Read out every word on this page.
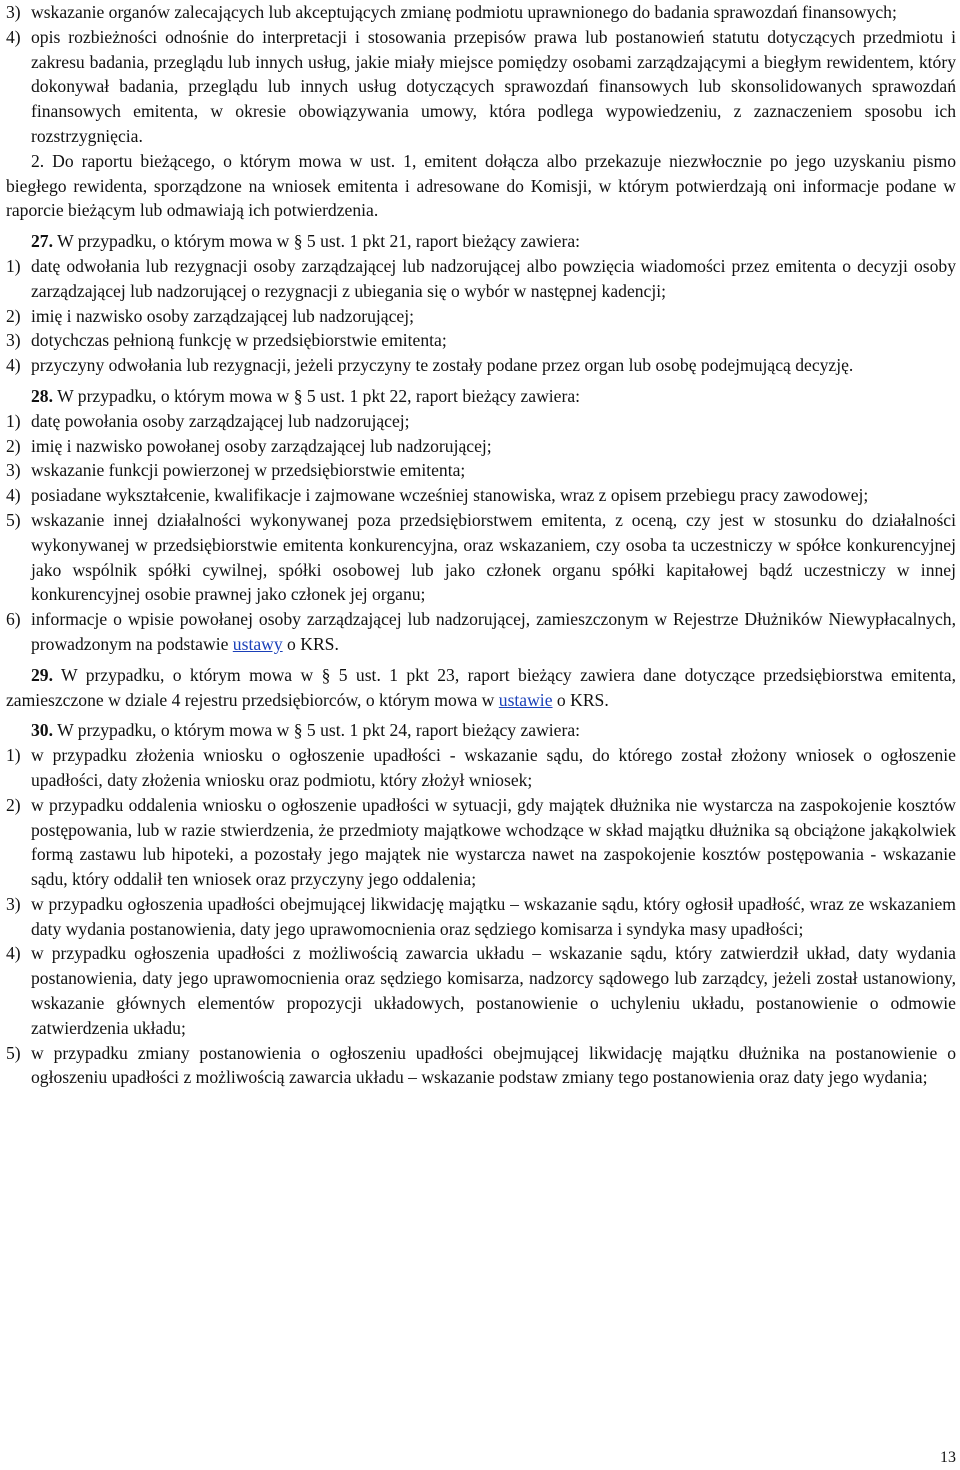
3) wskazanie organów zalecających lub akceptujących zmianę podmiotu uprawnionego do badania sprawozdań finansowych;
4) opis rozbieżności odnośnie do interpretacji i stosowania przepisów prawa lub postanowień statutu dotyczących przedmiotu i zakresu badania, przeglądu lub innych usług, jakie miały miejsce pomiędzy osobami zarządzającymi a biegłym rewidentem, który dokonywał badania, przeglądu lub innych usług dotyczących sprawozdań finansowych lub skonsolidowanych sprawozdań finansowych emitenta, w okresie obowiązywania umowy, która podlega wypowiedzeniu, z zaznaczeniem sposobu ich rozstrzygnięcia.

2. Do raportu bieżącego, o którym mowa w ust. 1, emitent dołącza albo przekazuje niezwłocznie po jego uzyskaniu pismo biegłego rewidenta, sporządzone na wniosek emitenta i adresowane do Komisji, w którym potwierdzają oni informacje podane w raporcie bieżącym lub odmawiają ich potwierdzenia.

27. W przypadku, o którym mowa w § 5 ust. 1 pkt 21, raport bieżący zawiera:

1) datę odwołania lub rezygnacji osoby zarządzającej lub nadzorującej albo powzięcia wiadomości przez emitenta o decyzji osoby zarządzającej lub nadzorującej o rezygnacji z ubiegania się o wybór w następnej kadencji;
2) imię i nazwisko osoby zarządzającej lub nadzorującej;
3) dotychczas pełnioną funkcję w przedsiębiorstwie emitenta;
4) przyczyny odwołania lub rezygnacji, jeżeli przyczyny te zostały podane przez organ lub osobę podejmującą decyzję.

28. W przypadku, o którym mowa w § 5 ust. 1 pkt 22, raport bieżący zawiera:

1) datę powołania osoby zarządzającej lub nadzorującej;
2) imię i nazwisko powołanej osoby zarządzającej lub nadzorującej;
3) wskazanie funkcji powierzonej w przedsiębiorstwie emitenta;
4) posiadane wykształcenie, kwalifikacje i zajmowane wcześniej stanowiska, wraz z opisem przebiegu pracy zawodowej;
5) wskazanie innej działalności wykonywanej poza przedsiębiorstwem emitenta, z oceną, czy jest w stosunku do działalności wykonywanej w przedsiębiorstwie emitenta konkurencyjna, oraz wskazaniem, czy osoba ta uczestniczy w spółce konkurencyjnej jako wspólnik spółki cywilnej, spółki osobowej lub jako członek organu spółki kapitałowej bądź uczestniczy w innej konkurencyjnej osobie prawnej jako członek jej organu;
6) informacje o wpisie powołanej osoby zarządzającej lub nadzorującej, zamieszczonym w Rejestrze Dłużników Niewypłacalnych, prowadzonym na podstawie ustawy o KRS.

29. W przypadku, o którym mowa w § 5 ust. 1 pkt 23, raport bieżący zawiera dane dotyczące przedsiębiorstwa emitenta, zamieszczone w dziale 4 rejestru przedsiębiorców, o którym mowa w ustawie o KRS.

30. W przypadku, o którym mowa w § 5 ust. 1 pkt 24, raport bieżący zawiera:

1) w przypadku złożenia wniosku o ogłoszenie upadłości - wskazanie sądu, do którego został złożony wniosek o ogłoszenie upadłości, daty złożenia wniosku oraz podmiotu, który złożył wniosek;
2) w przypadku oddalenia wniosku o ogłoszenie upadłości w sytuacji, gdy majątek dłużnika nie wystarcza na zaspokojenie kosztów postępowania, lub w razie stwierdzenia, że przedmioty majątkowe wchodzące w skład majątku dłużnika są obciążone jakąkolwiek formą zastawu lub hipoteki, a pozostały jego majątek nie wystarcza nawet na zaspokojenie kosztów postępowania - wskazanie sądu, który oddalił ten wniosek oraz przyczyny jego oddalenia;
3) w przypadku ogłoszenia upadłości obejmującej likwidację majątku – wskazanie sądu, który ogłosił upadłość, wraz ze wskazaniem daty wydania postanowienia, daty jego uprawomocnienia oraz sędziego komisarza i syndyka masy upadłości;
4) w przypadku ogłoszenia upadłości z możliwością zawarcia układu – wskazanie sądu, który zatwierdził układ, daty wydania postanowienia, daty jego uprawomocnienia oraz sędziego komisarza, nadzorcy sądowego lub zarządcy, jeżeli został ustanowiony, wskazanie głównych elementów propozycji układowych, postanowienie o uchyleniu układu, postanowienie o odmowie zatwierdzenia układu;
5) w przypadku zmiany postanowienia o ogłoszeniu upadłości obejmującej likwidację majątku dłużnika na postanowienie o ogłoszeniu upadłości z możliwością zawarcia układu – wskazanie podstaw zmiany tego postanowienia oraz daty jego wydania;
13
